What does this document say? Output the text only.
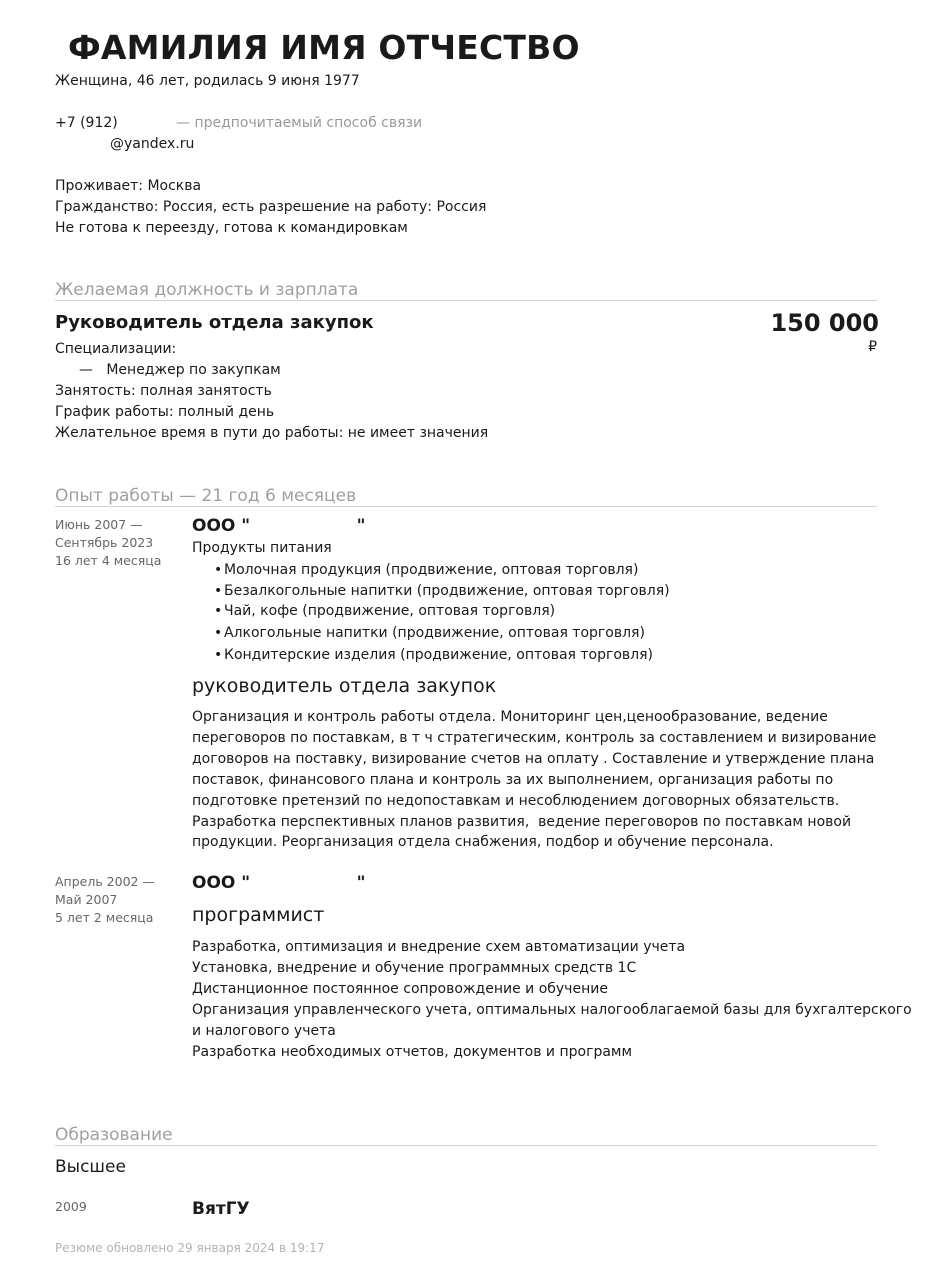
ФАМИЛИЯ ИМЯ ОТЧЕСТВО
Женщина, 46 лет, родилась 9 июня 1977
+7 (912)	— предпочитаемый способ связи
@yandex.ru
Проживает: Москва
Гражданство: Россия, есть разрешение на работу: Россия
Не готова к переезду, готова к командировкам
Желаемая должность и зарплата
Руководитель отдела закупок	150 000
₽
Специализации:
—   Менеджер по закупкам
Занятость: полная занятость
График работы: полный день
Желательное время в пути до работы: не имеет значения
Опыт работы — 21 год 6 месяцев
Июнь 2007 —
Сентябрь 2023
16 лет 4 месяца
ООО "                  "
Продукты питания
• Молочная продукция (продвижение, оптовая торговля)
• Безалкогольные напитки (продвижение, оптовая торговля)
• Чай, кофе (продвижение, оптовая торговля)
• Алкогольные напитки (продвижение, оптовая торговля)
• Кондитерские изделия (продвижение, оптовая торговля)
руководитель отдела закупок
Организация и контроль работы отдела. Мониторинг цен,ценообразование, ведение
переговоров по поставкам, в т ч стратегическим, контроль за составлением и визирование
договоров на поставку, визирование счетов на оплату . Составление и утверждение плана
поставок, финансового плана и контроль за их выполнением, организация работы по
подготовке претензий по недопоставкам и несоблюдением договорных обязательств.
Разработка перспективных планов развития,  ведение переговоров по поставкам новой
продукции. Реорганизация отдела снабжения, подбор и обучение персонала.
Апрель 2002 —
Май 2007
5 лет 2 месяца
ООО "                  "
программист
Разработка, оптимизация и внедрение схем автоматизации учета
Установка, внедрение и обучение программных средств 1С
Дистанционное постоянное сопровождение и обучение
Организация управленческого учета, оптимальных налогооблагаемой базы для бухгалтерского
и налогового учета
Разработка необходимых отчетов, документов и программ
Образование
Высшее
2009	ВятГУ
Резюме обновлено 29 января 2024 в 19:17
